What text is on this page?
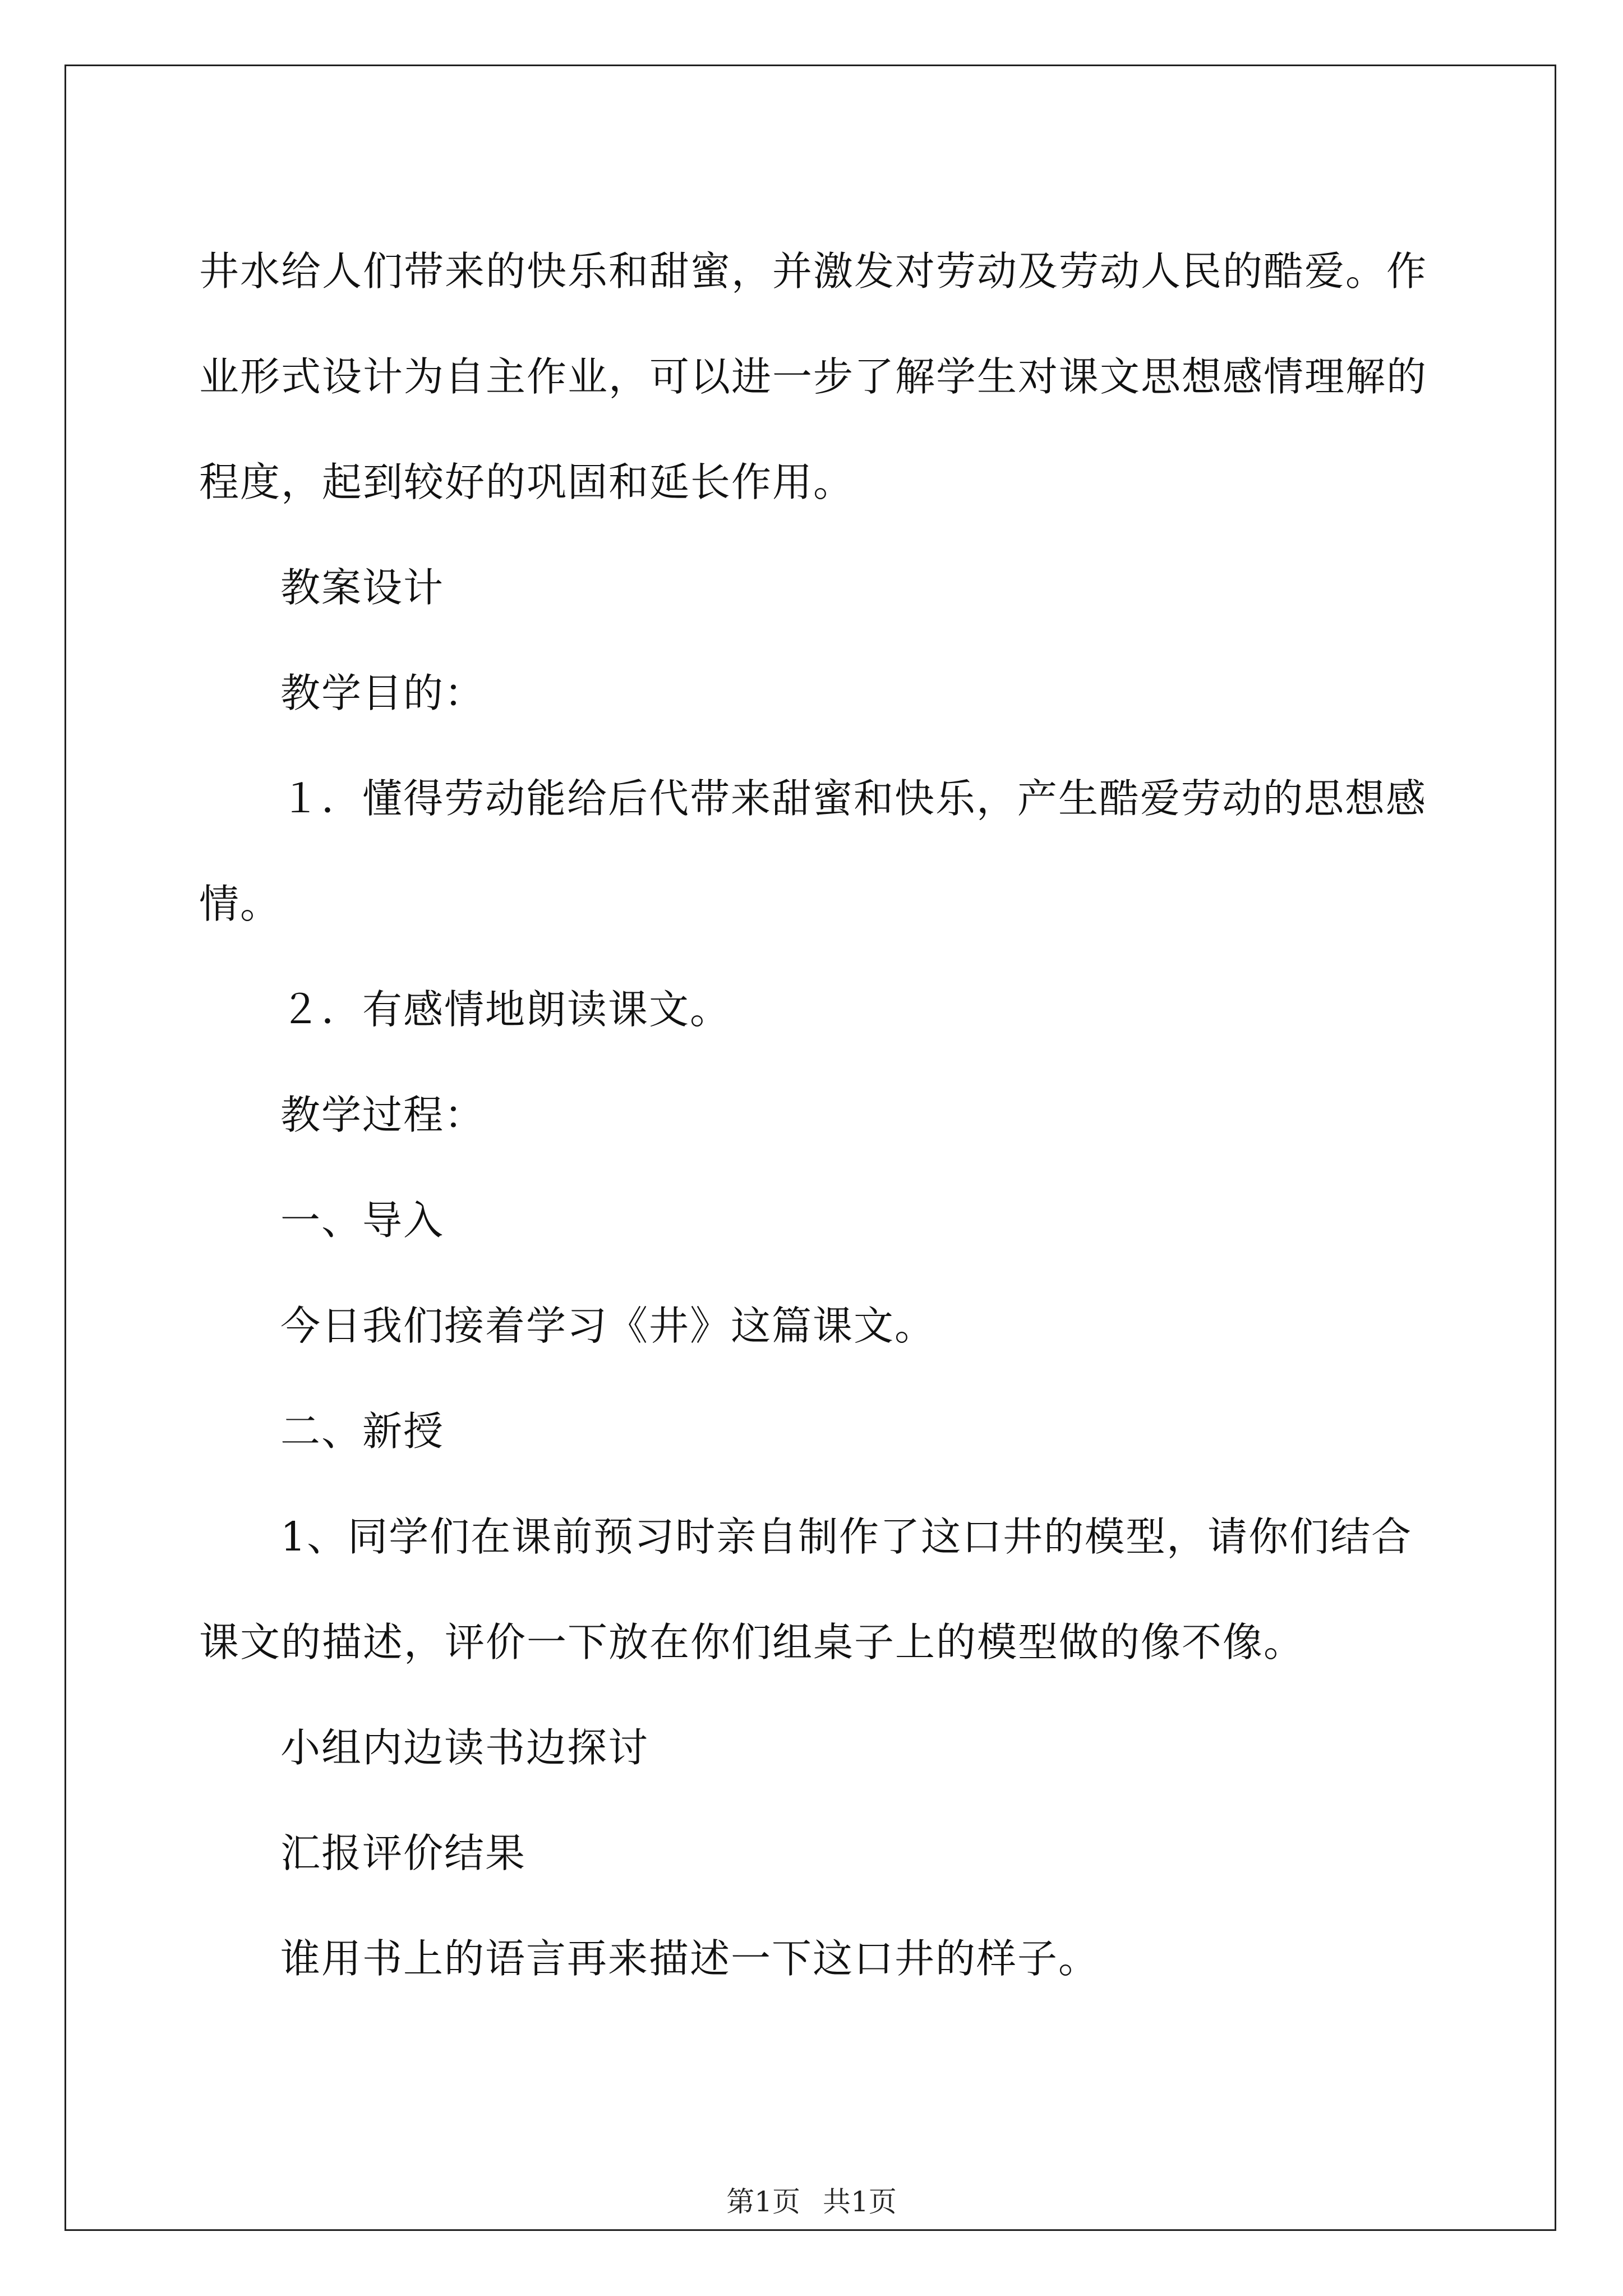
井水给人们带来的快乐和甜蜜，并激发对劳动及劳动人民的酷爱。作业形式设计为自主作业，可以进一步了解学生对课文思想感情理解的程度，起到较好的巩固和延长作用。

教案设计

教学目的：

１．懂得劳动能给后代带来甜蜜和快乐，产生酷爱劳动的思想感情。

２．有感情地朗读课文。

教学过程：

一、导入

今日我们接着学习《井》这篇课文。

二、新授

1、同学们在课前预习时亲自制作了这口井的模型，请你们结合课文的描述，评价一下放在你们组桌子上的模型做的像不像。

小组内边读书边探讨

汇报评价结果

谁用书上的语言再来描述一下这口井的样子。

第1页 共1页
